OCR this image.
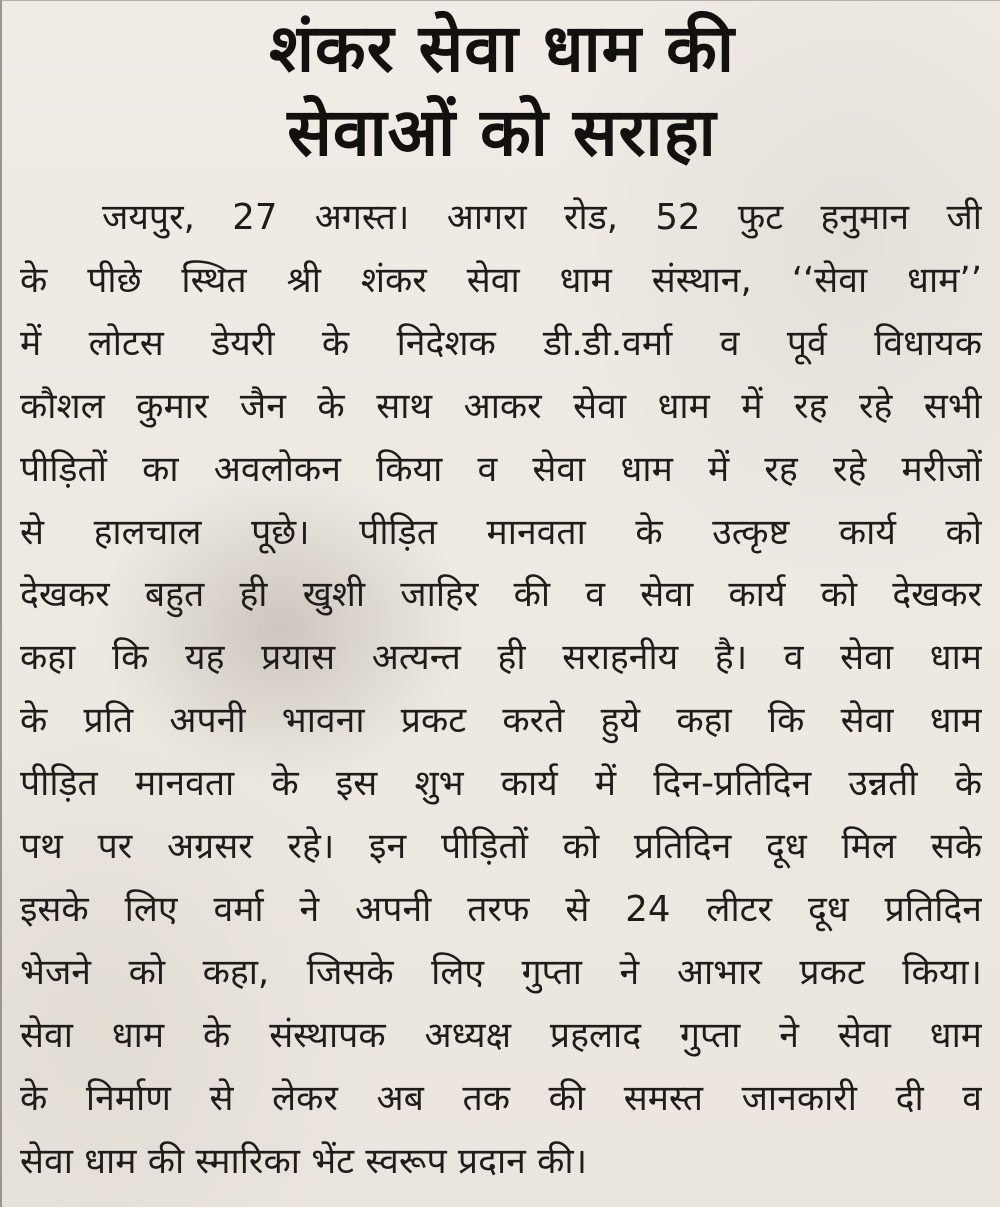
शंकर सेवा धाम की
सेवाओं को सराहा
जयपुर, 27 अगस्त। आगरा रोड, 52 फुट हनुमान जी
के पीछे स्थित श्री शंकर सेवा धाम संस्थान, ‘‘सेवा धाम’’
में लोटस डेयरी के निदेशक डी.डी.वर्मा व पूर्व विधायक
कौशल कुमार जैन के साथ आकर सेवा धाम में रह रहे सभी
पीड़ितों का अवलोकन किया व सेवा धाम में रह रहे मरीजों
से हालचाल पूछे। पीड़ित मानवता के उत्कृष्ट कार्य को
देखकर बहुत ही खुशी जाहिर की व सेवा कार्य को देखकर
कहा कि यह प्रयास अत्यन्त ही सराहनीय है। व सेवा धाम
के प्रति अपनी भावना प्रकट करते हुये कहा कि सेवा धाम
पीड़ित मानवता के इस शुभ कार्य में दिन-प्रतिदिन उन्नती के
पथ पर अग्रसर रहे। इन पीड़ितों को प्रतिदिन दूध मिल सके
इसके लिए वर्मा ने अपनी तरफ से 24 लीटर दूध प्रतिदिन
भेजने को कहा, जिसके लिए गुप्ता ने आभार प्रकट किया।
सेवा धाम के संस्थापक अध्यक्ष प्रहलाद गुप्ता ने सेवा धाम
के निर्माण से लेकर अब तक की समस्त जानकारी दी व
सेवा धाम की स्मारिका भेंट स्वरूप प्रदान की।
